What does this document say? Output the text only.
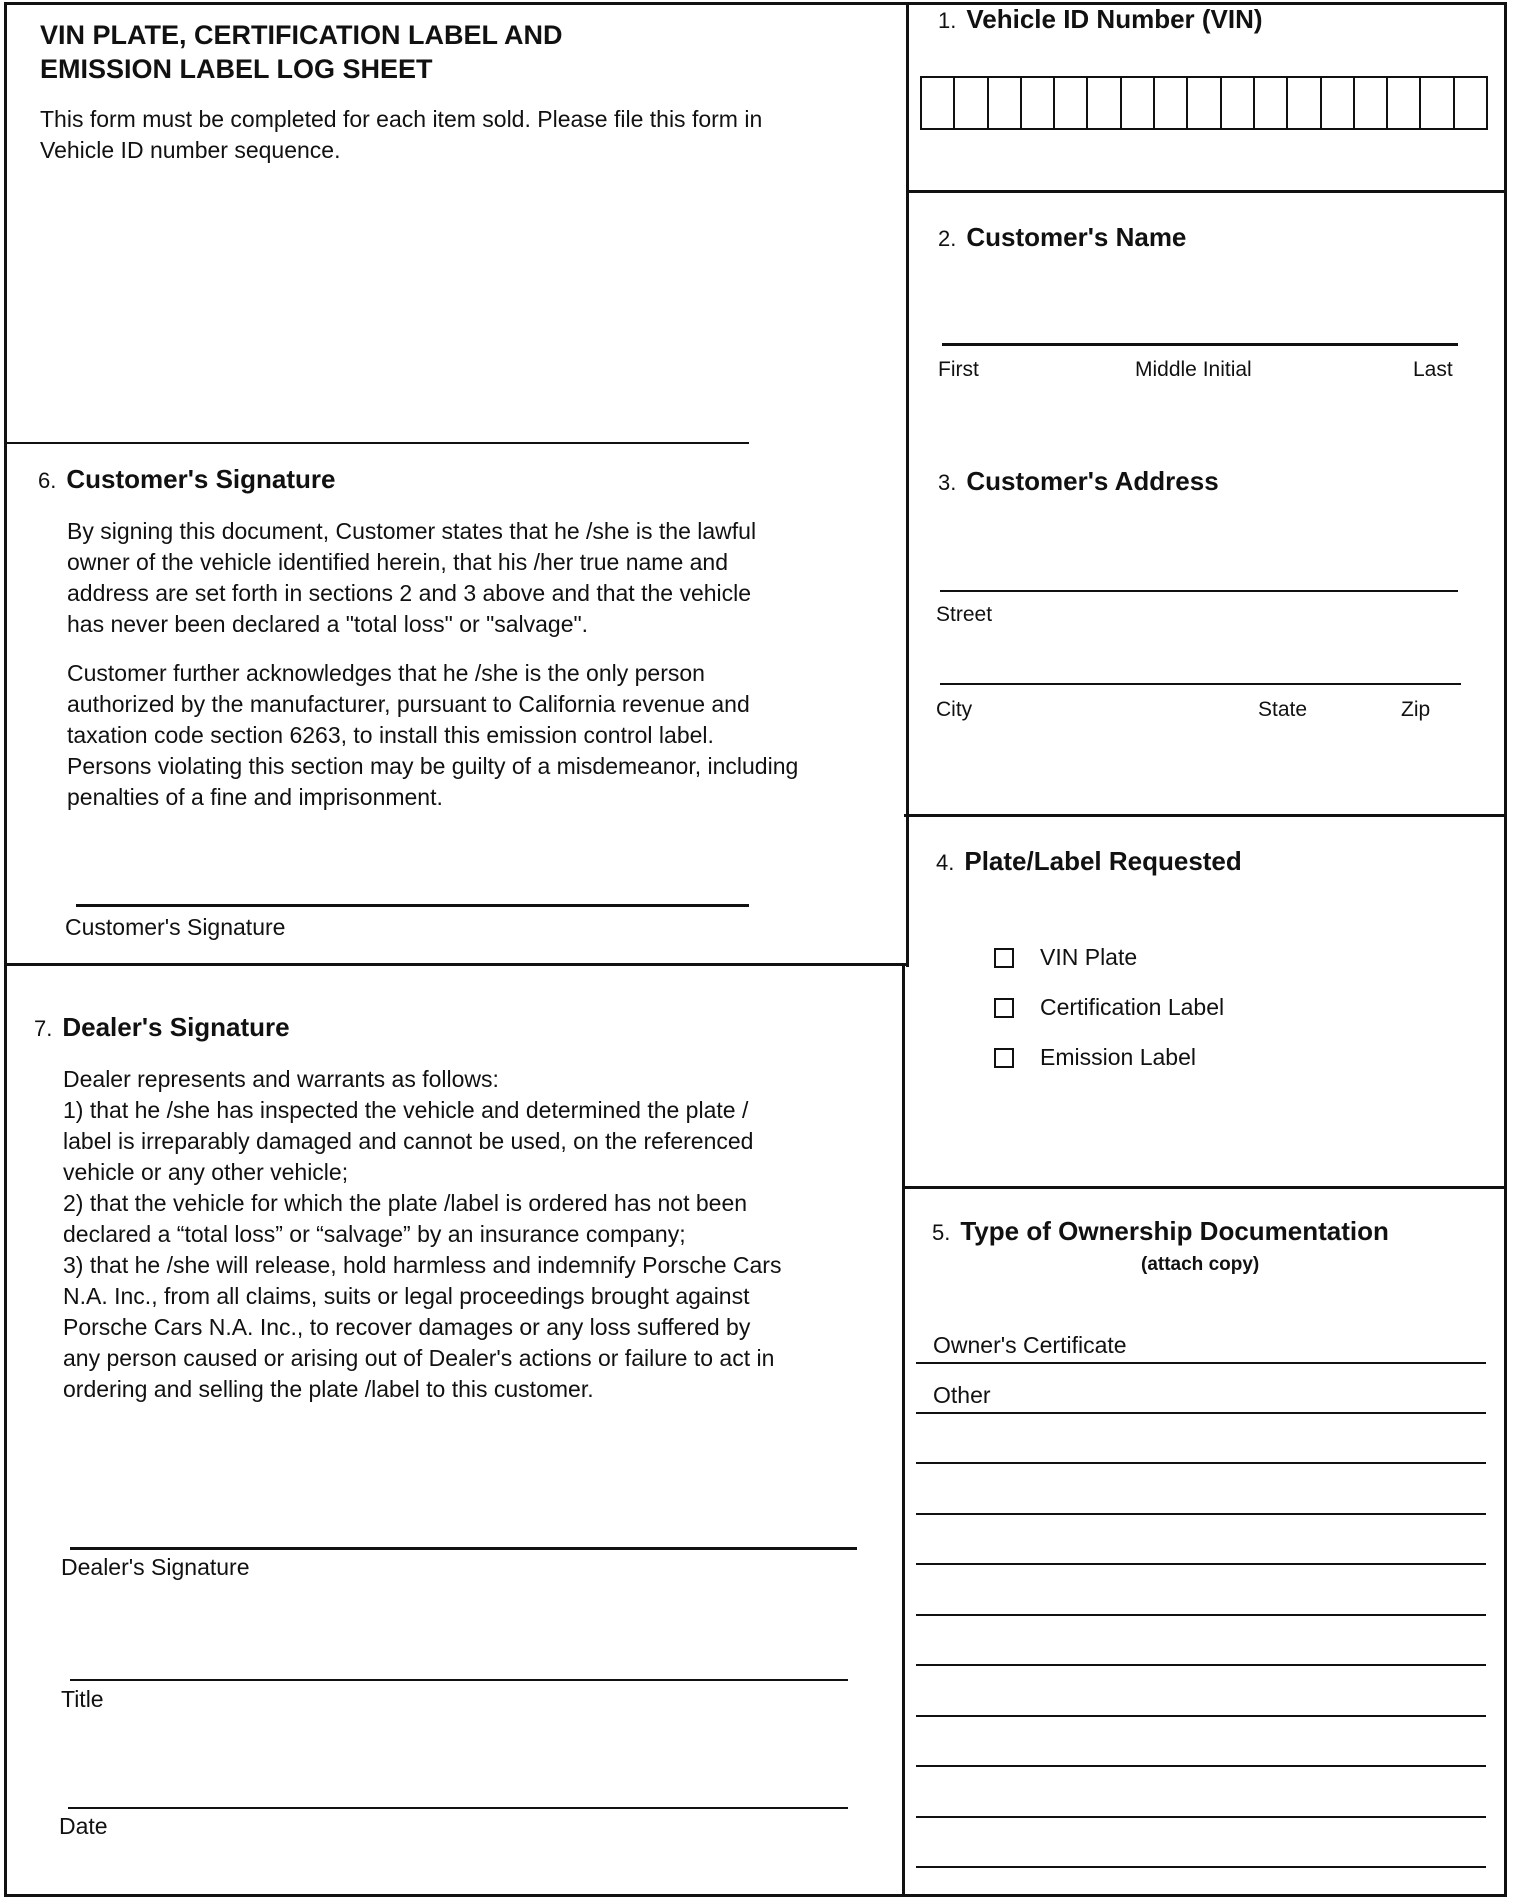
VIN PLATE, CERTIFICATION LABEL AND
EMISSION LABEL LOG SHEET
This form must be completed for each item sold. Please file this form in
Vehicle ID number sequence.
1. Vehicle ID Number (VIN)
2. Customer's Name
First	Middle Initial	Last
3. Customer's Address
Street
City	State	Zip
4. Plate/Label Requested
VIN Plate
Certification Label
Emission Label
5. Type of Ownership Documentation
(attach copy)
Owner's Certificate
Other
6. Customer's Signature
By signing this document, Customer states that he /she is the lawful
owner of the vehicle identified herein, that his /her true name and
address are set forth in sections 2 and 3 above and that the vehicle
has never been declared a "total loss" or "salvage".
Customer further acknowledges that he /she is the only person
authorized by the manufacturer, pursuant to California revenue and
taxation code section 6263, to install this emission control label.
Persons violating this section may be guilty of a misdemeanor, including
penalties of a fine and imprisonment.
Customer's Signature
7. Dealer's Signature
Dealer represents and warrants as follows:
1) that he /she has inspected the vehicle and determined the plate /
label is irreparably damaged and cannot be used, on the referenced
vehicle or any other vehicle;
2) that the vehicle for which the plate /label is ordered has not been
declared a “total loss” or “salvage” by an insurance company;
3) that he /she will release, hold harmless and indemnify Porsche Cars
N.A. Inc., from all claims, suits or legal proceedings brought against
Porsche Cars N.A. Inc., to recover damages or any loss suffered by
any person caused or arising out of Dealer's actions or failure to act in
ordering and selling the plate /label to this customer.
Dealer's Signature
Title
Date
